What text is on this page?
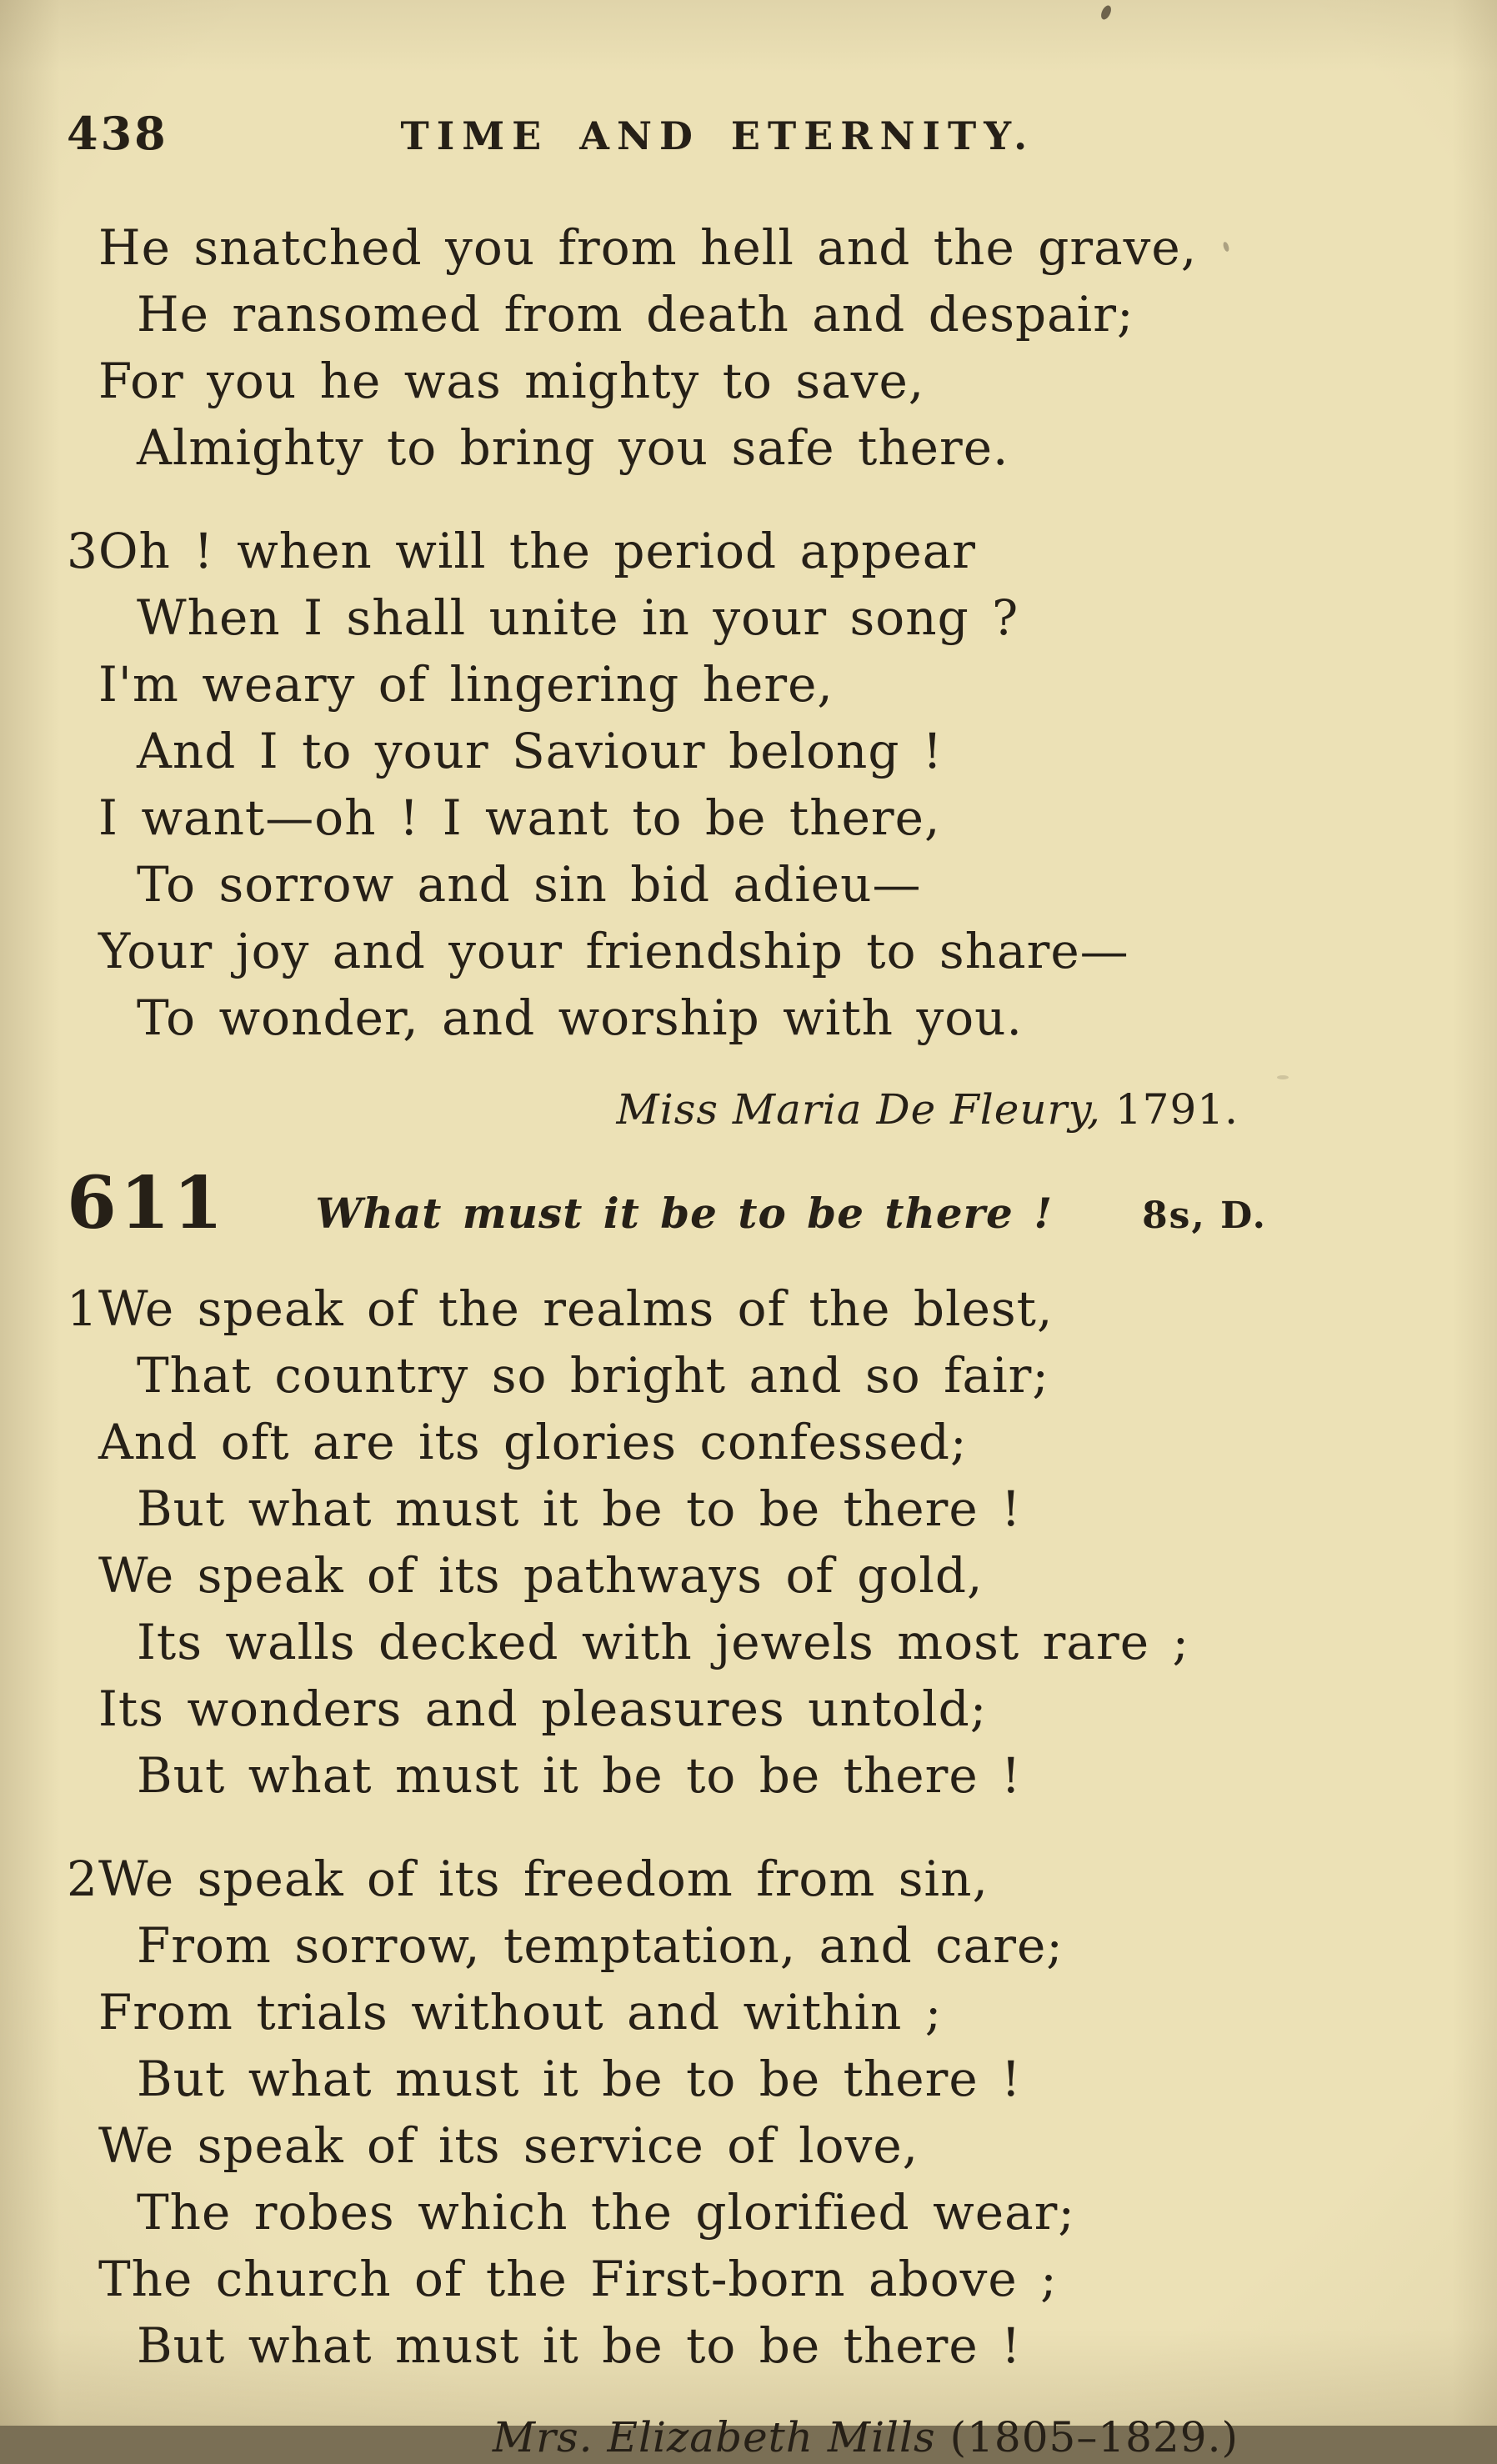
438	TIME AND ETERNITY.
He snatched you from hell and the grave,
He ransomed from death and despair;
For you he was mighty to save,
Almighty to bring you safe there.
3 Oh ! when will the period appear
When I shall unite in your song ?
I'm weary of lingering here,
And I to your Saviour belong !
I want—oh ! I want to be there,
To sorrow and sin bid adieu—
Your joy and your friendship to share—
To wonder, and worship with you.
Miss Maria De Fleury, 1791.
611	What must it be to be there !	8s, D.
1 We speak of the realms of the blest,
That country so bright and so fair;
And oft are its glories confessed;
But what must it be to be there !
We speak of its pathways of gold,
Its walls decked with jewels most rare ;
Its wonders and pleasures untold;
But what must it be to be there !
2 We speak of its freedom from sin,
From sorrow, temptation, and care;
From trials without and within ;
But what must it be to be there !
We speak of its service of love,
The robes which the glorified wear;
The church of the First-born above ;
But what must it be to be there !
Mrs. Elizabeth Mills (1805–1829.)
